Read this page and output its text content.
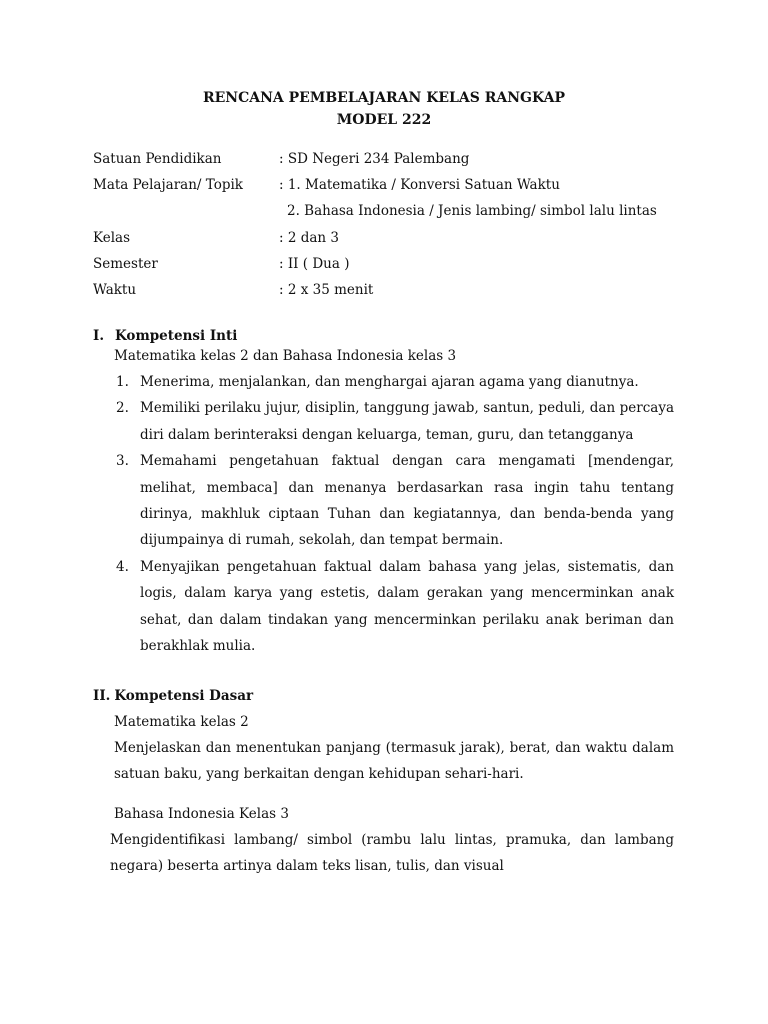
RENCANA PEMBELAJARAN KELAS RANGKAP
MODEL 222
Satuan Pendidikan	: SD Negeri 234 Palembang
Mata Pelajaran/ Topik	: 1. Matematika / Konversi Satuan Waktu
2. Bahasa Indonesia / Jenis lambing/ simbol lalu lintas
Kelas	: 2 dan 3
Semester	: II ( Dua )
Waktu	: 2 x 35 menit
I. Kompetensi Inti
Matematika kelas 2 dan Bahasa Indonesia kelas 3
1. Menerima, menjalankan, dan menghargai ajaran agama yang dianutnya.
2. Memiliki perilaku jujur, disiplin, tanggung jawab, santun, peduli, dan percaya diri dalam berinteraksi dengan keluarga, teman, guru, dan tetangganya
3. Memahami pengetahuan faktual dengan cara mengamati [mendengar, melihat, membaca] dan menanya berdasarkan rasa ingin tahu tentang dirinya, makhluk ciptaan Tuhan dan kegiatannya, dan benda-benda yang dijumpainya di rumah, sekolah, dan tempat bermain.
4. Menyajikan pengetahuan faktual dalam bahasa yang jelas, sistematis, dan logis, dalam karya yang estetis, dalam gerakan yang mencerminkan anak sehat, dan dalam tindakan yang mencerminkan perilaku anak beriman dan berakhlak mulia.
II. Kompetensi Dasar
Matematika kelas 2
Menjelaskan dan menentukan panjang (termasuk jarak), berat, dan waktu dalam satuan baku, yang berkaitan dengan kehidupan sehari-hari.
Bahasa Indonesia Kelas 3
Mengidentifikasi lambang/ simbol (rambu lalu lintas, pramuka, dan lambang negara) beserta artinya dalam teks lisan, tulis, dan visual
